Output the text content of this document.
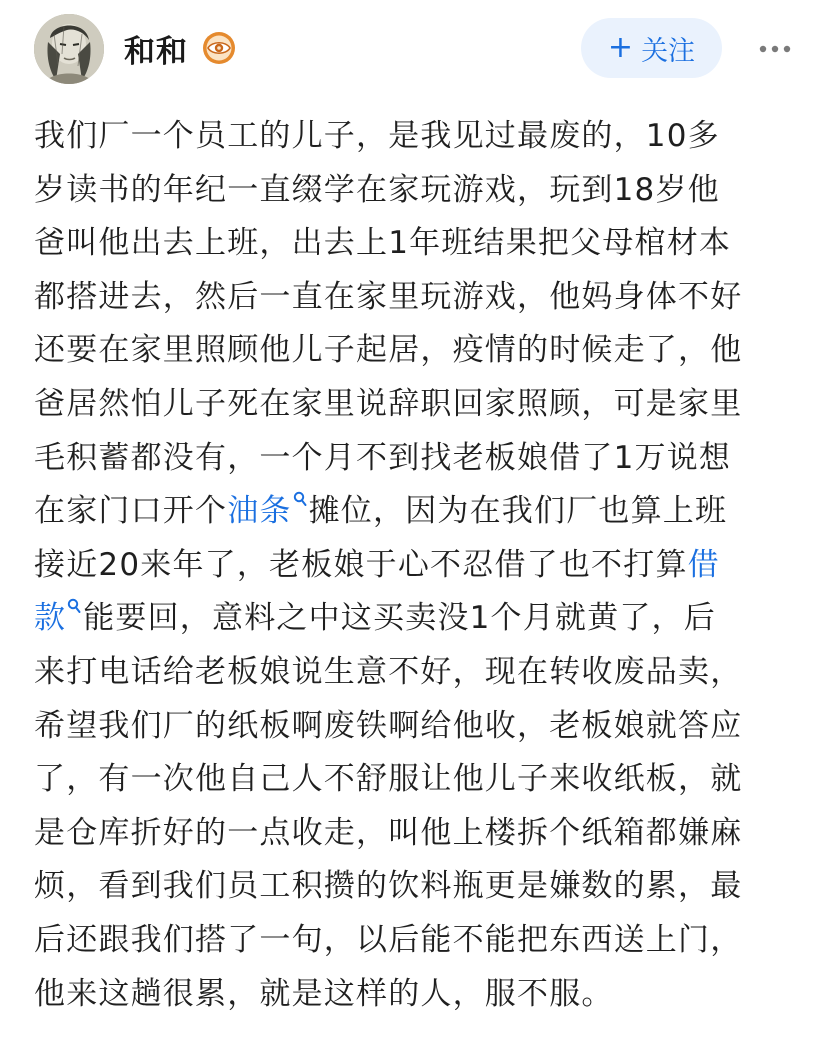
和和	+ 关注
我们厂一个员工的儿子，是我见过最废的，10多
岁读书的年纪一直缀学在家玩游戏，玩到18岁他
爸叫他出去上班，出去上1年班结果把父母棺材本
都搭进去，然后一直在家里玩游戏，他妈身体不好
还要在家里照顾他儿子起居，疫情的时候走了，他
爸居然怕儿子死在家里说辞职回家照顾，可是家里
毛积蓄都没有，一个月不到找老板娘借了1万说想
在家门口开个油条 摊位，因为在我们厂也算上班
接近20来年了，老板娘于心不忍借了也不打算借
款 能要回，意料之中这买卖没1个月就黄了，后
来打电话给老板娘说生意不好，现在转收废品卖，
希望我们厂的纸板啊废铁啊给他收，老板娘就答应
了，有一次他自己人不舒服让他儿子来收纸板，就
是仓库折好的一点收走，叫他上楼拆个纸箱都嫌麻
烦，看到我们员工积攒的饮料瓶更是嫌数的累，最
后还跟我们搭了一句，以后能不能把东西送上门，
他来这趟很累，就是这样的人，服不服。
